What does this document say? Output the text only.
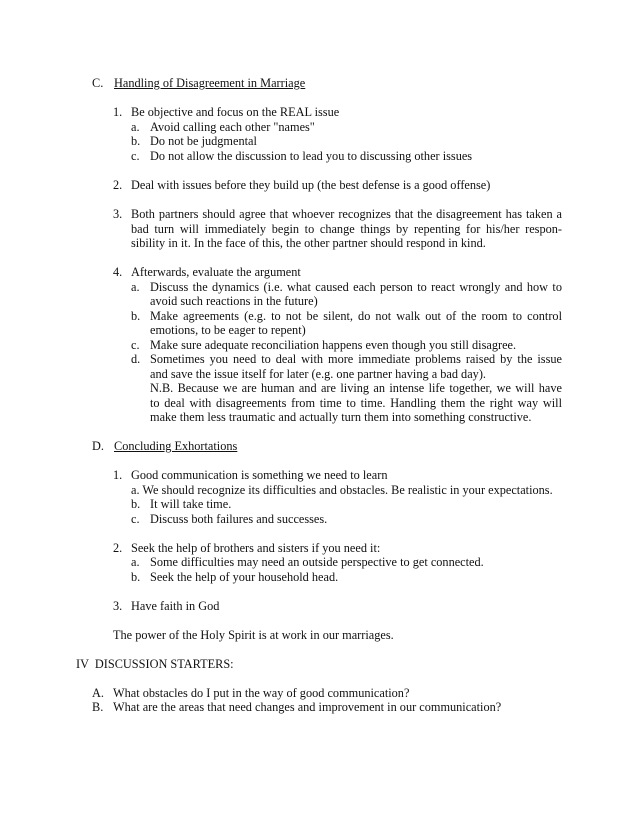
C. Handling of Disagreement in Marriage
1. Be objective and focus on the REAL issue
a. Avoid calling each other "names"
b. Do not be judgmental
c. Do not allow the discussion to lead you to discussing other issues
2. Deal with issues before they build up (the best defense is a good offense)
3. Both partners should agree that whoever recognizes that the disagreement has taken a
bad turn will immediately begin to change things by repenting for his/her respon-
sibility in it. In the face of this, the other partner should respond in kind.
4. Afterwards, evaluate the argument
a. Discuss the dynamics (i.e. what caused each person to react wrongly and how to
avoid such reactions in the future)
b. Make agreements (e.g. to not be silent, do not walk out of the room to control
emotions, to be eager to repent)
c. Make sure adequate reconciliation happens even though you still disagree.
d. Sometimes you need to deal with more immediate problems raised by the issue
and save the issue itself for later (e.g. one partner having a bad day).
N.B. Because we are human and are living an intense life together, we will have
to deal with disagreements from time to time. Handling them the right way will
make them less traumatic and actually turn them into something constructive.
D. Concluding Exhortations
1. Good communication is something we need to learn
a. We should recognize its difficulties and obstacles. Be realistic in your expectations.
b. It will take time.
c. Discuss both failures and successes.
2. Seek the help of brothers and sisters if you need it:
a. Some difficulties may need an outside perspective to get connected.
b. Seek the help of your household head.
3. Have faith in God
The power of the Holy Spirit is at work in our marriages.
IV  DISCUSSION STARTERS:
A. What obstacles do I put in the way of good communication?
B. What are the areas that need changes and improvement in our communication?
